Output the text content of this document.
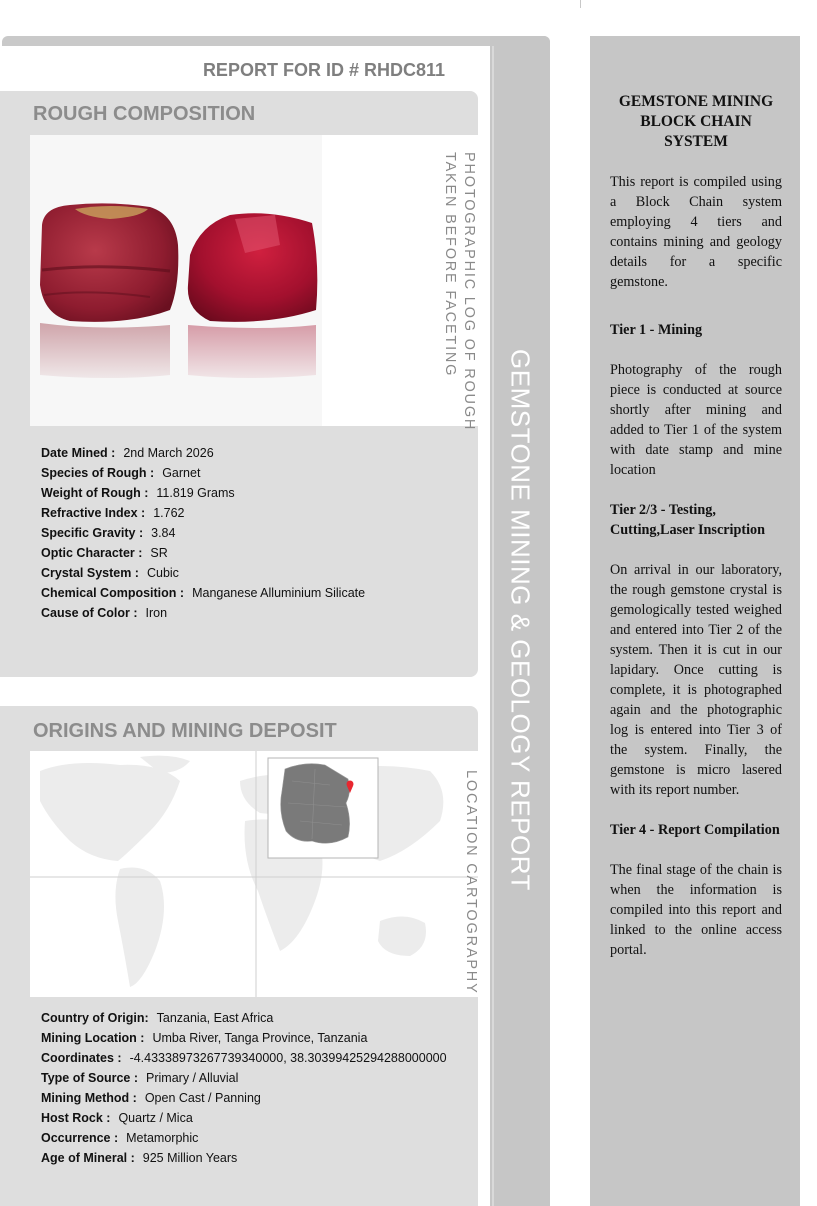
GEMSTONE MINING & GEOLOGY REPORT
REPORT FOR ID # RHDC811
ROUGH COMPOSITION
Date Mined : 2nd March 2026
Species of Rough : Garnet
Weight of Rough : 11.819 Grams
Refractive Index : 1.762
Specific Gravity : 3.84
Optic Character : SR
Crystal System : Cubic
Chemical Composition : Manganese Alluminium Silicate
Cause of Color : Iron
ORIGINS AND MINING DEPOSIT
Country of Origin: Tanzania, East Africa
Mining Location : Umba River, Tanga Province, Tanzania
Coordinates : -4.43338973267739340000, 38.30399425294288000000
Type of Source : Primary / Alluvial
Mining Method : Open Cast / Panning
Host Rock : Quartz / Mica
Occurrence : Metamorphic
Age of Mineral : 925 Million Years
PHOTOGRAPHIC LOG OF ROUGH
TAKEN BEFORE FACETING
LOCATION CARTOGRAPHY
GEMSTONE MINING BLOCK CHAIN SYSTEM

This report is compiled using a Block Chain system employing 4 tiers and contains mining and geology details for a specific gemstone.

Tier 1 - Mining

Photography of the rough piece is conducted at source shortly after mining and added to Tier 1 of the system with date stamp and mine location

Tier 2/3 - Testing, Cutting,Laser Inscription

On arrival in our laboratory, the rough gemstone crystal is gemologically tested weighed and entered into Tier 2 of the system. Then it is cut in our lapidary. Once cutting is complete, it is photographed again and the photographic log is entered into Tier 3 of the system. Finally, the gemstone is micro lasered with its report number.

Tier 4 - Report Compilation

The final stage of the chain is when the information is compiled into this report and linked to the online access portal.
